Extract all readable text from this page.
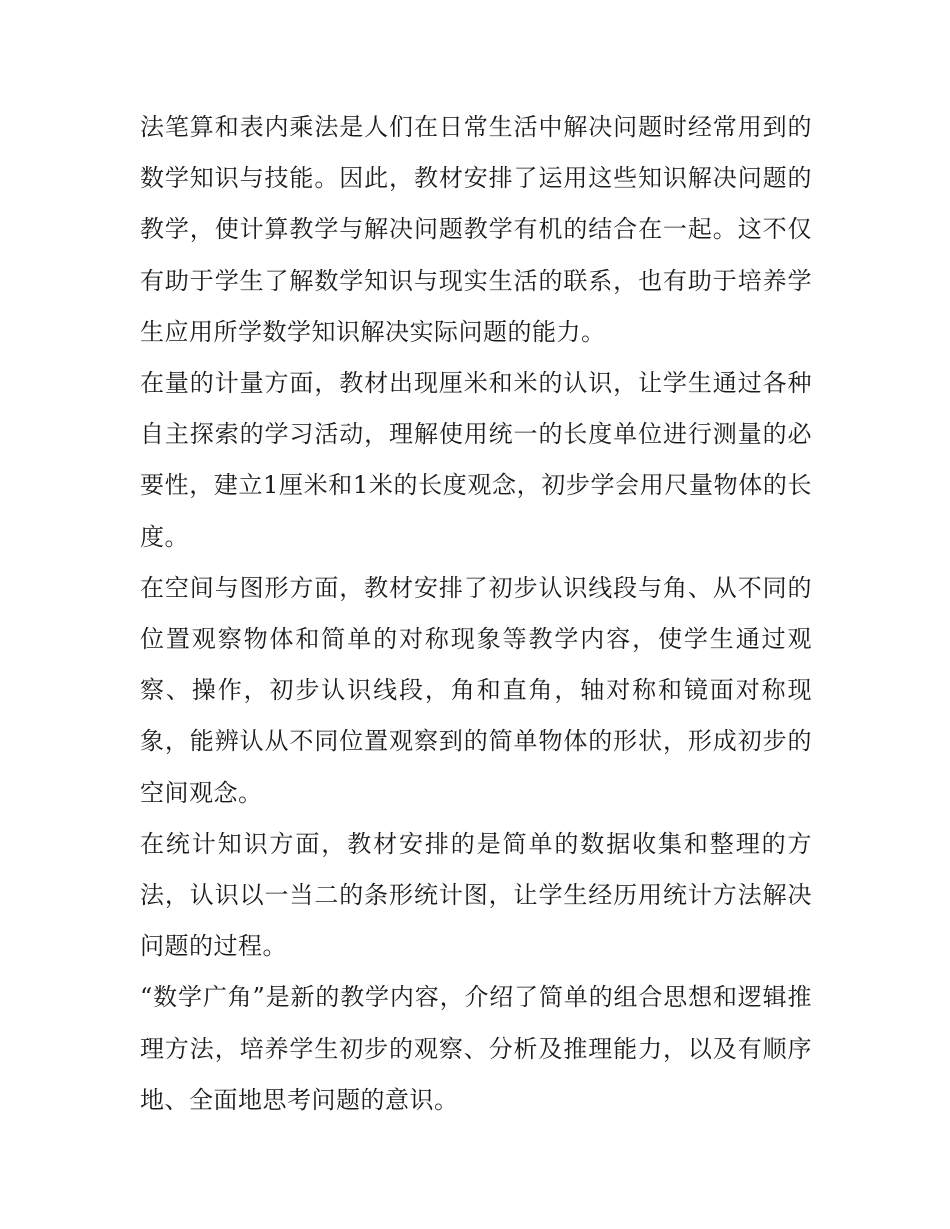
法笔算和表内乘法是人们在日常生活中解决问题时经常用到的数学知识与技能。因此，教材安排了运用这些知识解决问题的教学，使计算教学与解决问题教学有机的结合在一起。这不仅有助于学生了解数学知识与现实生活的联系，也有助于培养学生应用所学数学知识解决实际问题的能力。

在量的计量方面，教材出现厘米和米的认识，让学生通过各种自主探索的学习活动，理解使用统一的长度单位进行测量的必要性，建立1厘米和1米的长度观念，初步学会用尺量物体的长度。

在空间与图形方面，教材安排了初步认识线段与角、从不同的位置观察物体和简单的对称现象等教学内容，使学生通过观察、操作，初步认识线段，角和直角，轴对称和镜面对称现象，能辨认从不同位置观察到的简单物体的形状，形成初步的空间观念。

在统计知识方面，教材安排的是简单的数据收集和整理的方法，认识以一当二的条形统计图，让学生经历用统计方法解决问题的过程。

“数学广角”是新的教学内容，介绍了简单的组合思想和逻辑推理方法，培养学生初步的观察、分析及推理能力，以及有顺序地、全面地思考问题的意识。
